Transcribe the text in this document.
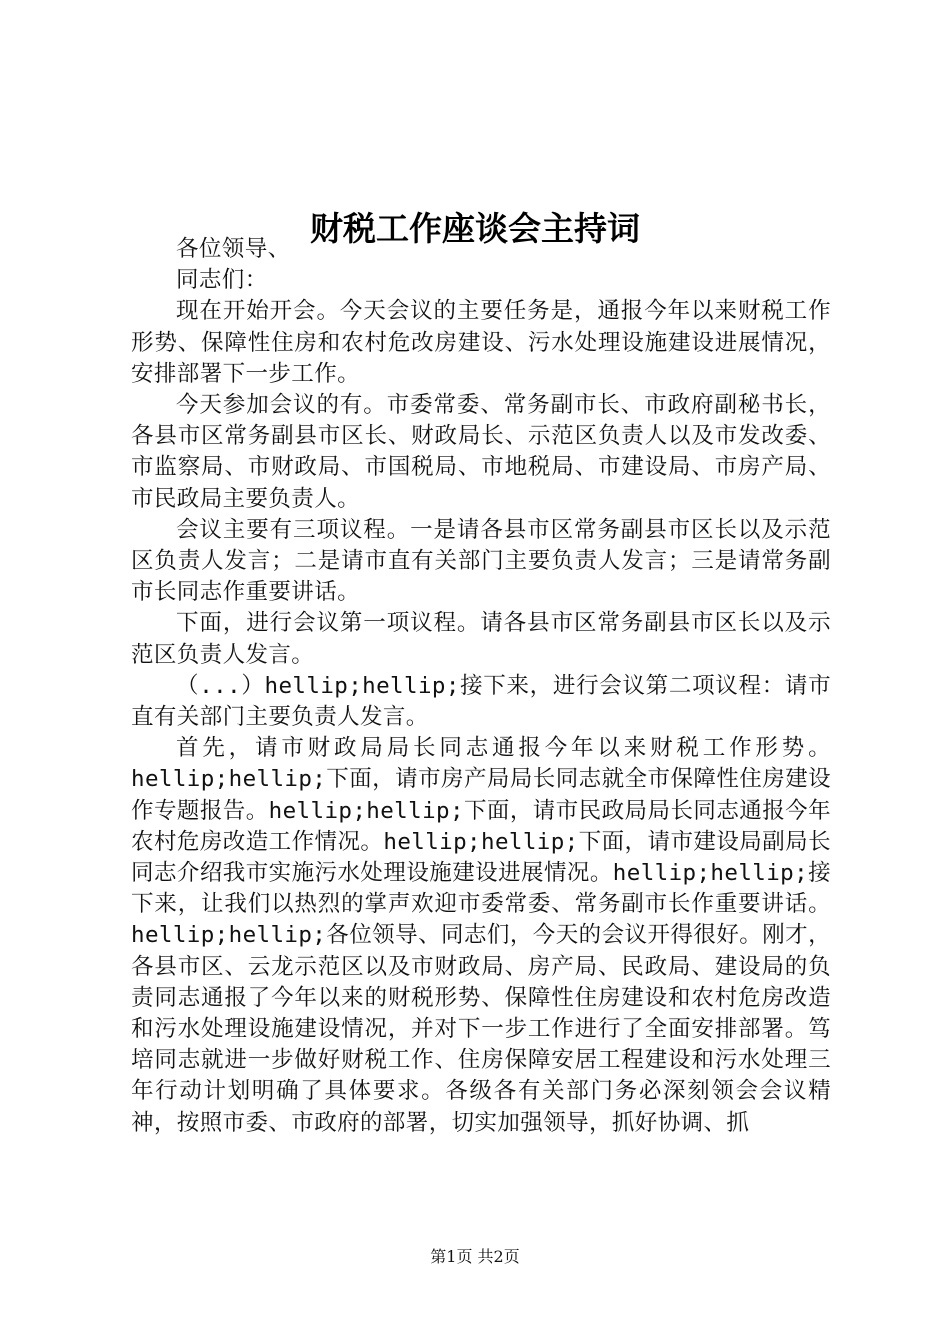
财税工作座谈会主持词

各位领导、

同志们：

现在开始开会。今天会议的主要任务是，通报今年以来财税工作形势、保障性住房和农村危改房建设、污水处理设施建设进展情况，安排部署下一步工作。

今天参加会议的有。市委常委、常务副市长、市政府副秘书长，各县市区常务副县市区长、财政局长、示范区负责人以及市发改委、市监察局、市财政局、市国税局、市地税局、市建设局、市房产局、市民政局主要负责人。

会议主要有三项议程。一是请各县市区常务副县市区长以及示范区负责人发言；二是请市直有关部门主要负责人发言；三是请常务副市长同志作重要讲话。

下面，进行会议第一项议程。请各县市区常务副县市区长以及示范区负责人发言。

（...）hellip;hellip;接下来，进行会议第二项议程：请市直有关部门主要负责人发言。

首先，请市财政局局长同志通报今年以来财税工作形势。hellip;hellip;下面，请市房产局局长同志就全市保障性住房建设作专题报告。hellip;hellip;下面，请市民政局局长同志通报今年农村危房改造工作情况。hellip;hellip;下面，请市建设局副局长同志介绍我市实施污水处理设施建设进展情况。hellip;hellip;接下来，让我们以热烈的掌声欢迎市委常委、常务副市长作重要讲话。hellip;hellip;各位领导、同志们，今天的会议开得很好。刚才，各县市区、云龙示范区以及市财政局、房产局、民政局、建设局的负责同志通报了今年以来的财税形势、保障性住房建设和农村危房改造和污水处理设施建设情况，并对下一步工作进行了全面安排部署。笃培同志就进一步做好财税工作、住房保障安居工程建设和污水处理三年行动计划明确了具体要求。各级各有关部门务必深刻领会会议精神，按照市委、市政府的部署，切实加强领导，抓好协调、抓

第1页 共2页
